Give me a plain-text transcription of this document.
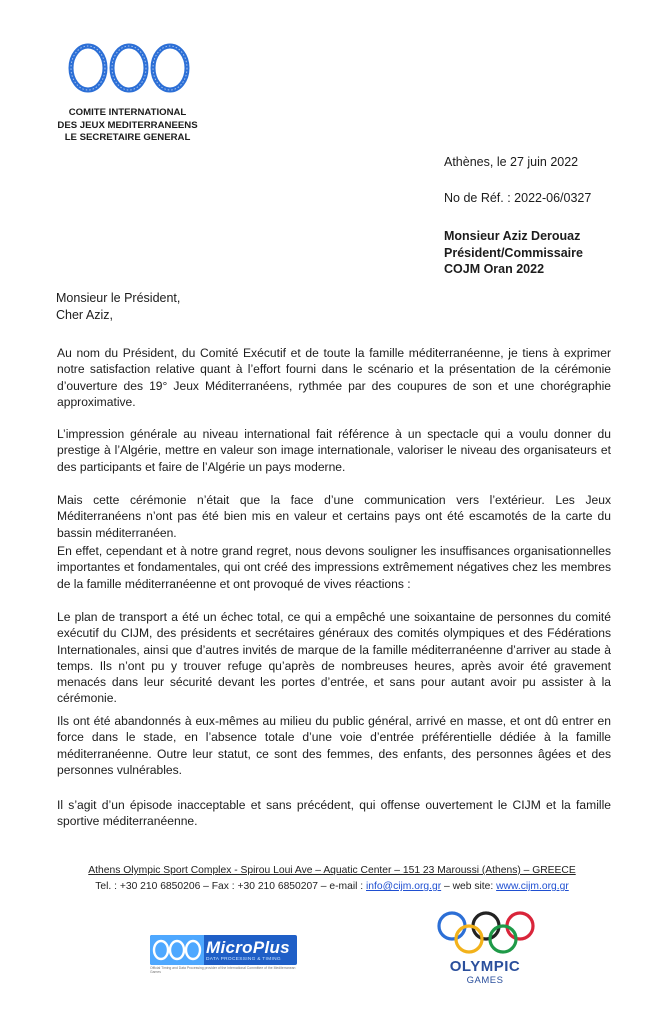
COMITE INTERNATIONAL
DES JEUX MEDITERRANEENS
LE SECRETAIRE GENERAL
Athènes, le 27 juin 2022
No de Réf. : 2022-06/0327
Monsieur Aziz Derouaz
Président/Commissaire
COJM Oran 2022
Monsieur le Président,
Cher Aziz,

Au nom du Président, du Comité Exécutif et de toute la famille méditerranéenne, je tiens à exprimer notre satisfaction relative quant à l’effort fourni dans le scénario et la présentation de la cérémonie d’ouverture des 19° Jeux Méditerranéens, rythmée par des coupures de son et une chorégraphie approximative.

L’impression générale au niveau international fait référence à un spectacle qui a voulu donner du prestige à l’Algérie, mettre en valeur son image internationale, valoriser le niveau des organisateurs et des participants et faire de l’Algérie un pays moderne.

Mais cette cérémonie n’était que la face d’une communication vers l’extérieur. Les Jeux Méditerranéens n’ont pas été bien mis en valeur et certains pays ont été escamotés de la carte du bassin méditerranéen.

En effet, cependant et à notre grand regret, nous devons souligner les insuffisances organisationnelles importantes et fondamentales, qui ont créé des impressions extrêmement négatives chez les membres de la famille méditerranéenne et ont provoqué de vives réactions :

Le plan de transport a été un échec total, ce qui a empêché une soixantaine de personnes du comité exécutif du CIJM, des présidents et secrétaires généraux des comités olympiques et des Fédérations Internationales, ainsi que d’autres invités de marque de la famille méditerranéenne d’arriver au stade à temps. Ils n’ont pu y trouver refuge qu’après de nombreuses heures, après avoir été gravement menacés dans leur sécurité devant les portes d’entrée, et sans pour autant avoir pu assister à la cérémonie.

Ils ont été abandonnés à eux-mêmes au milieu du public général, arrivé en masse, et ont dû entrer en force dans le stade, en l’absence totale d’une voie d’entrée préférentielle dédiée à la famille méditerranéenne. Outre leur statut, ce sont des femmes, des enfants, des personnes âgées et des personnes vulnérables.

Il s’agit d’un épisode inacceptable et sans précédent, qui offense ouvertement le CIJM et la famille sportive méditerranéenne.

Athens Olympic Sport Complex - Spirou Loui Ave – Aquatic Center – 151 23 Maroussi (Athens) – GREECE
Tel. : +30 210 6850206 – Fax : +30 210 6850207 – e-mail : info@cijm.org.gr – web site: www.cijm.org.gr
MicroPlus
DATA PROCESSING & TIMING
Official Timing and Data Processing provider of the International Committee of the Mediterranean Games	OLYMPIC
GAMES
